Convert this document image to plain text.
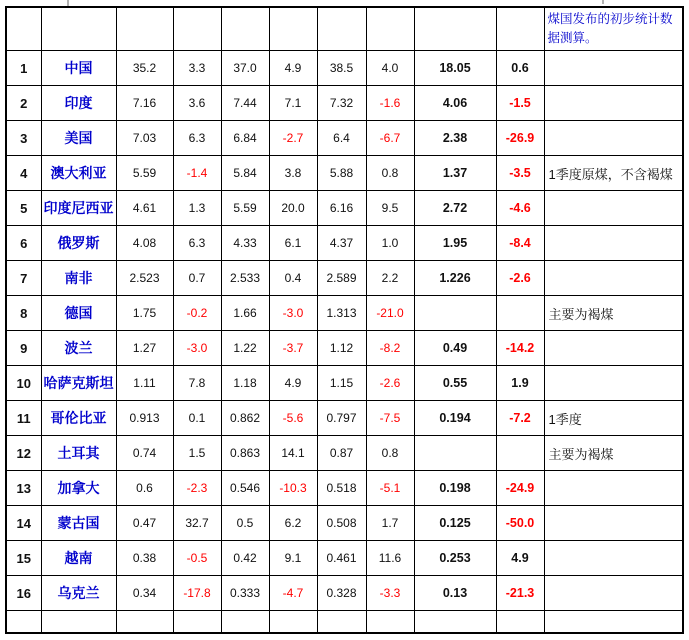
										煤国发布的初步统计数据测算。
1	中国	35.2	3.3	37.0	4.9	38.5	4.0	18.05	0.6	
2	印度	7.16	3.6	7.44	7.1	7.32	-1.6	4.06	-1.5	
3	美国	7.03	6.3	6.84	-2.7	6.4	-6.7	2.38	-26.9	
4	澳大利亚	5.59	-1.4	5.84	3.8	5.88	0.8	1.37	-3.5	1季度原煤，不含褐煤
5	印度尼西亚	4.61	1.3	5.59	20.0	6.16	9.5	2.72	-4.6	
6	俄罗斯	4.08	6.3	4.33	6.1	4.37	1.0	1.95	-8.4	
7	南非	2.523	0.7	2.533	0.4	2.589	2.2	1.226	-2.6	
8	德国	1.75	-0.2	1.66	-3.0	1.313	-21.0			主要为褐煤
9	波兰	1.27	-3.0	1.22	-3.7	1.12	-8.2	0.49	-14.2	
10	哈萨克斯坦	1.11	7.8	1.18	4.9	1.15	-2.6	0.55	1.9	
11	哥伦比亚	0.913	0.1	0.862	-5.6	0.797	-7.5	0.194	-7.2	1季度
12	土耳其	0.74	1.5	0.863	14.1	0.87	0.8			主要为褐煤
13	加拿大	0.6	-2.3	0.546	-10.3	0.518	-5.1	0.198	-24.9	
14	蒙古国	0.47	32.7	0.5	6.2	0.508	1.7	0.125	-50.0	
15	越南	0.38	-0.5	0.42	9.1	0.461	11.6	0.253	4.9	
16	乌克兰	0.34	-17.8	0.333	-4.7	0.328	-3.3	0.13	-21.3	
